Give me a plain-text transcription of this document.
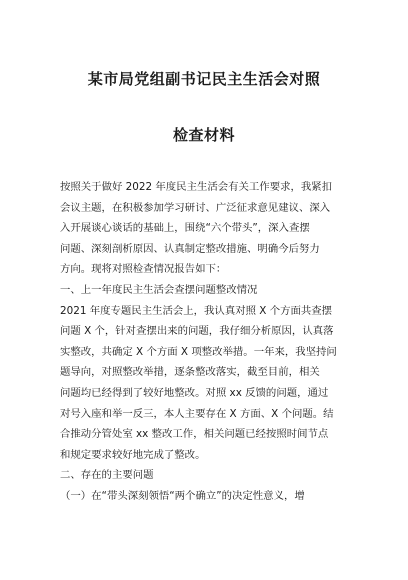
某市局党组副书记民主生活会对照
检查材料
按照关于做好 2022 年度民主生活会有关工作要求，我紧扣
会议主题，在积极参加学习研讨、广泛征求意见建议、深入
入开展谈心谈话的基础上，围绕“六个带头”，深入查摆
问题、深刻剖析原因、认真制定整改措施、明确今后努力
方向。现将对照检查情况报告如下：
一、上一年度民主生活会查摆问题整改情况
2021 年度专题民主生活会上，我认真对照 X 个方面共查摆
问题 X 个，针对查摆出来的问题，我仔细分析原因，认真落
实整改，共确定 X 个方面 X 项整改举措。一年来，我坚持问
题导向，对照整改举措，逐条整改落实，截至目前，相关
问题均已经得到了较好地整改。对照 xx 反馈的问题，通过
对号入座和举一反三，本人主要存在 X 方面、X 个问题。结
合推动分管处室 xx 整改工作，相关问题已经按照时间节点
和规定要求较好地完成了整改。
二、存在的主要问题
（一）在“带头深刻领悟“两个确立”的决定性意义，增
